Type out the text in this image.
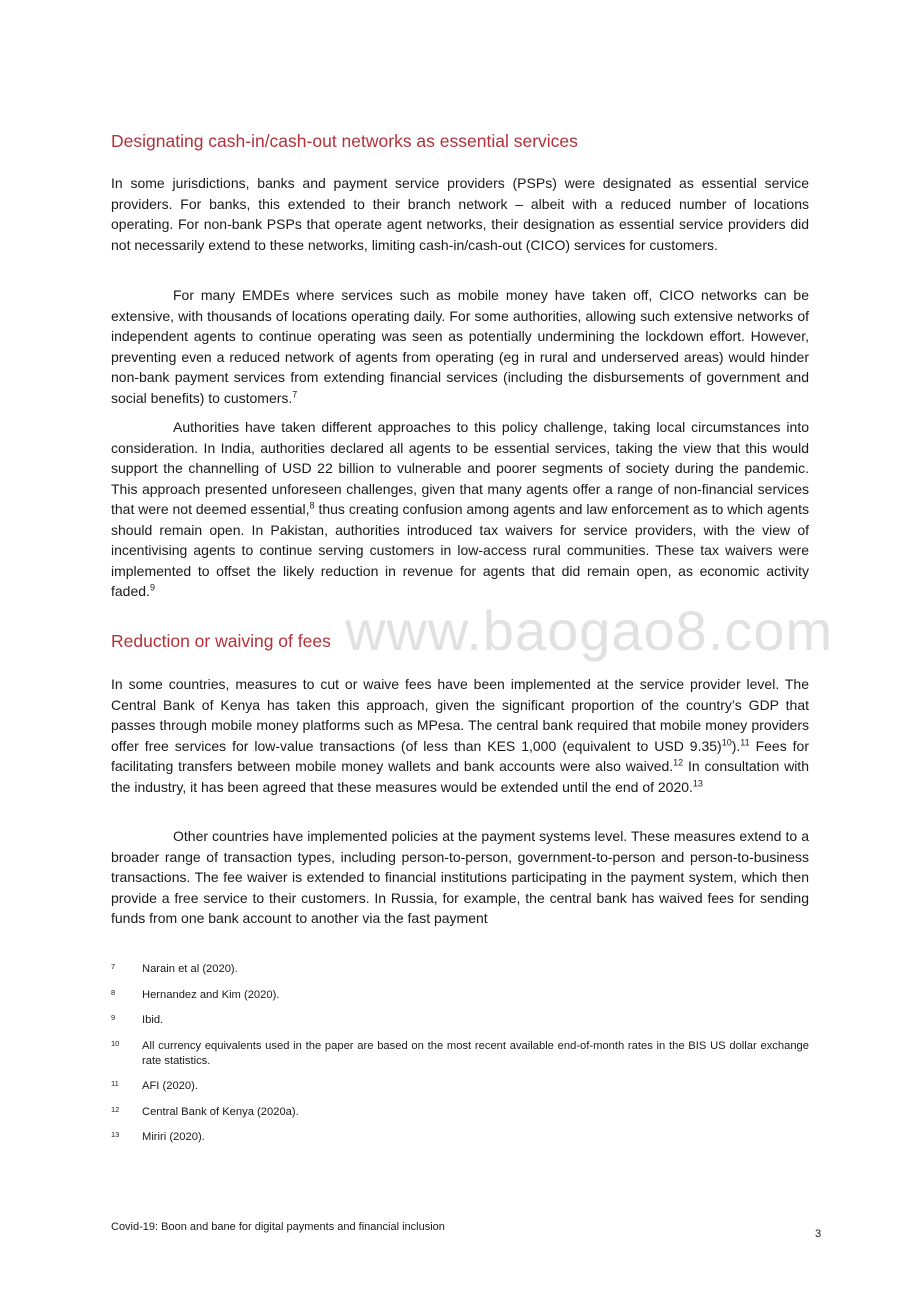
Designating cash-in/cash-out networks as essential services

In some jurisdictions, banks and payment service providers (PSPs) were designated as essential service providers. For banks, this extended to their branch network – albeit with a reduced number of locations operating. For non-bank PSPs that operate agent networks, their designation as essential service providers did not necessarily extend to these networks, limiting cash-in/cash-out (CICO) services for customers.

For many EMDEs where services such as mobile money have taken off, CICO networks can be extensive, with thousands of locations operating daily. For some authorities, allowing such extensive networks of independent agents to continue operating was seen as potentially undermining the lockdown effort. However, preventing even a reduced network of agents from operating (eg in rural and underserved areas) would hinder non-bank payment services from extending financial services (including the disbursements of government and social benefits) to customers.$^7$

Authorities have taken different approaches to this policy challenge, taking local circumstances into consideration. In India, authorities declared all agents to be essential services, taking the view that this would support the channelling of USD 22 billion to vulnerable and poorer segments of society during the pandemic. This approach presented unforeseen challenges, given that many agents offer a range of non-financial services that were not deemed essential,$^8$ thus creating confusion among agents and law enforcement as to which agents should remain open. In Pakistan, authorities introduced tax waivers for service providers, with the view of incentivising agents to continue serving customers in low-access rural communities. These tax waivers were implemented to offset the likely reduction in revenue for agents that did remain open, as economic activity faded.$^9$

www.baogao8.com
Reduction or waiving of fees

In some countries, measures to cut or waive fees have been implemented at the service provider level. The Central Bank of Kenya has taken this approach, given the significant proportion of the country’s GDP that passes through mobile money platforms such as MPesa. The central bank required that mobile money providers offer free services for low-value transactions (of less than KES 1,000 (equivalent to USD 9.35)$^{10}$).$^{11}$ Fees for facilitating transfers between mobile money wallets and bank accounts were also waived.$^{12}$ In consultation with the industry, it has been agreed that these measures would be extended until the end of 2020.13

Other countries have implemented policies at the payment systems level. These measures extend to a broader range of transaction types, including person-to-person, government-to-person and person-to-business transactions. The fee waiver is extended to financial institutions participating in the payment system, which then provide a free service to their customers. In Russia, for example, the central bank has waived fees for sending funds from one bank account to another via the fast payment

7 Narain et al (2020).
8 Hernandez and Kim (2020).
9 Ibid.
10 All currency equivalents used in the paper are based on the most recent available end-of-month rates in the BIS US dollar exchange rate statistics.
11 AFI (2020).
12 Central Bank of Kenya (2020a).
13 Miriri (2020).
Covid-19: Boon and bane for digital payments and financial inclusion
3
